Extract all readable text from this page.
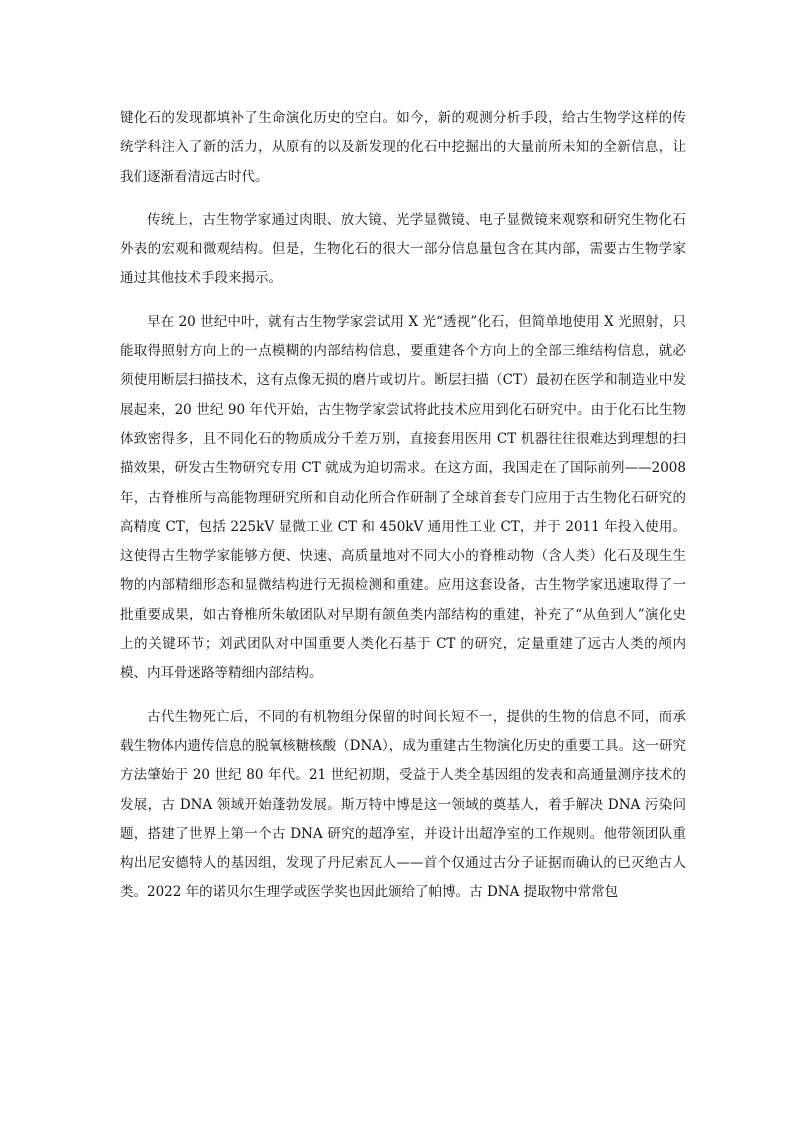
键化石的发现都填补了生命演化历史的空白。如今，新的观测分析手段，给古生物学这样的传统学科注入了新的活力，从原有的以及新发现的化石中挖掘出的大量前所未知的全新信息，让我们逐渐看清远古时代。

传统上，古生物学家通过肉眼、放大镜、光学显微镜、电子显微镜来观察和研究生物化石外表的宏观和微观结构。但是，生物化石的很大一部分信息量包含在其内部，需要古生物学家通过其他技术手段来揭示。

早在 20 世纪中叶，就有古生物学家尝试用 X 光“透视”化石，但简单地使用 X 光照射，只能取得照射方向上的一点模糊的内部结构信息，要重建各个方向上的全部三维结构信息，就必须使用断层扫描技术，这有点像无损的磨片或切片。断层扫描（CT）最初在医学和制造业中发展起来，20 世纪 90 年代开始，古生物学家尝试将此技术应用到化石研究中。由于化石比生物体致密得多，且不同化石的物质成分千差万别，直接套用医用 CT 机器往往很难达到理想的扫描效果，研发古生物研究专用 CT 就成为迫切需求。在这方面，我国走在了国际前列——2008 年，古脊椎所与高能物理研究所和自动化所合作研制了全球首套专门应用于古生物化石研究的高精度 CT，包括 225kV 显微工业 CT 和 450kV 通用性工业 CT，并于 2011 年投入使用。这使得古生物学家能够方便、快速、高质量地对不同大小的脊椎动物（含人类）化石及现生生物的内部精细形态和显微结构进行无损检测和重建。应用这套设备，古生物学家迅速取得了一批重要成果，如古脊椎所朱敏团队对早期有颌鱼类内部结构的重建，补充了“从鱼到人”演化史上的关键环节；刘武团队对中国重要人类化石基于 CT 的研究，定量重建了远古人类的颅内模、内耳骨迷路等精细内部结构。

古代生物死亡后，不同的有机物组分保留的时间长短不一，提供的生物的信息不同，而承载生物体内遗传信息的脱氧核糖核酸（DNA），成为重建古生物演化历史的重要工具。这一研究方法肇始于 20 世纪 80 年代。21 世纪初期，受益于人类全基因组的发表和高通量测序技术的发展，古 DNA 领域开始蓬勃发展。斯万特中博是这一领域的奠基人，着手解决 DNA 污染问题，搭建了世界上第一个古 DNA 研究的超净室，并设计出超净室的工作规则。他带领团队重构出尼安德特人的基因组，发现了丹尼索瓦人——首个仅通过古分子证据而确认的已灭绝古人类。2022 年的诺贝尔生理学或医学奖也因此颁给了帕博。古 DNA 提取物中常常包
